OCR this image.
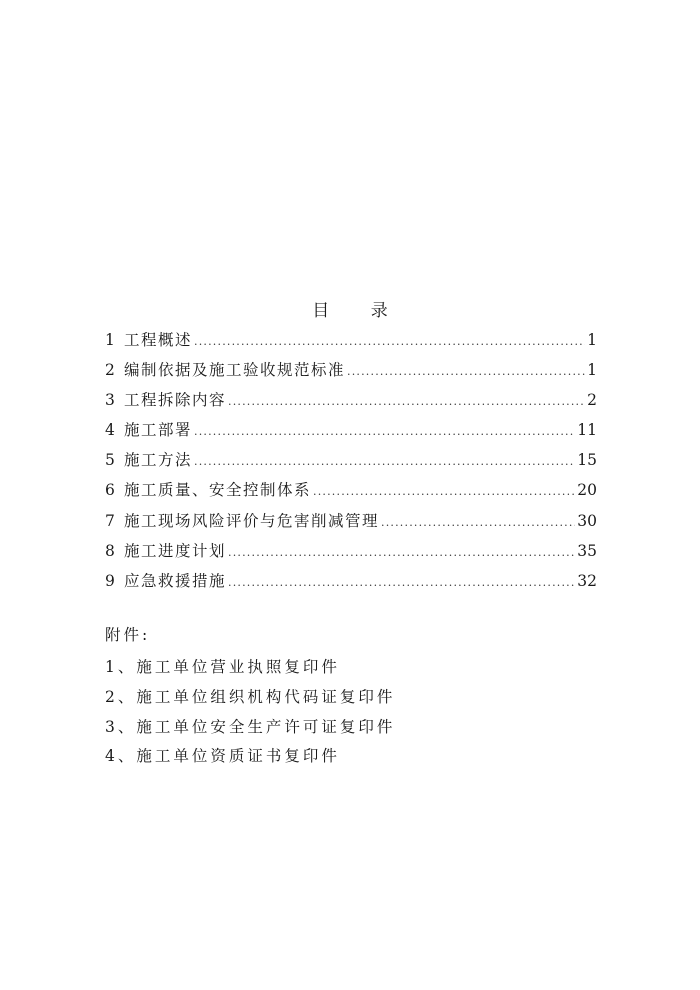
目 录
1 工程概述 .....	1
2 编制依据及施工验收规范标准 .....	1
3 工程拆除内容 .....	2
4 施工部署 .....	11
5 施工方法 .....	15
6 施工质量、安全控制体系 .....	20
7 施工现场风险评价与危害削减管理 .....	30
8 施工进度计划 .....	35
9 应急救援措施 .....	32
附件:
1、施工单位营业执照复印件
2、施工单位组织机构代码证复印件
3、施工单位安全生产许可证复印件
4、施工单位资质证书复印件
